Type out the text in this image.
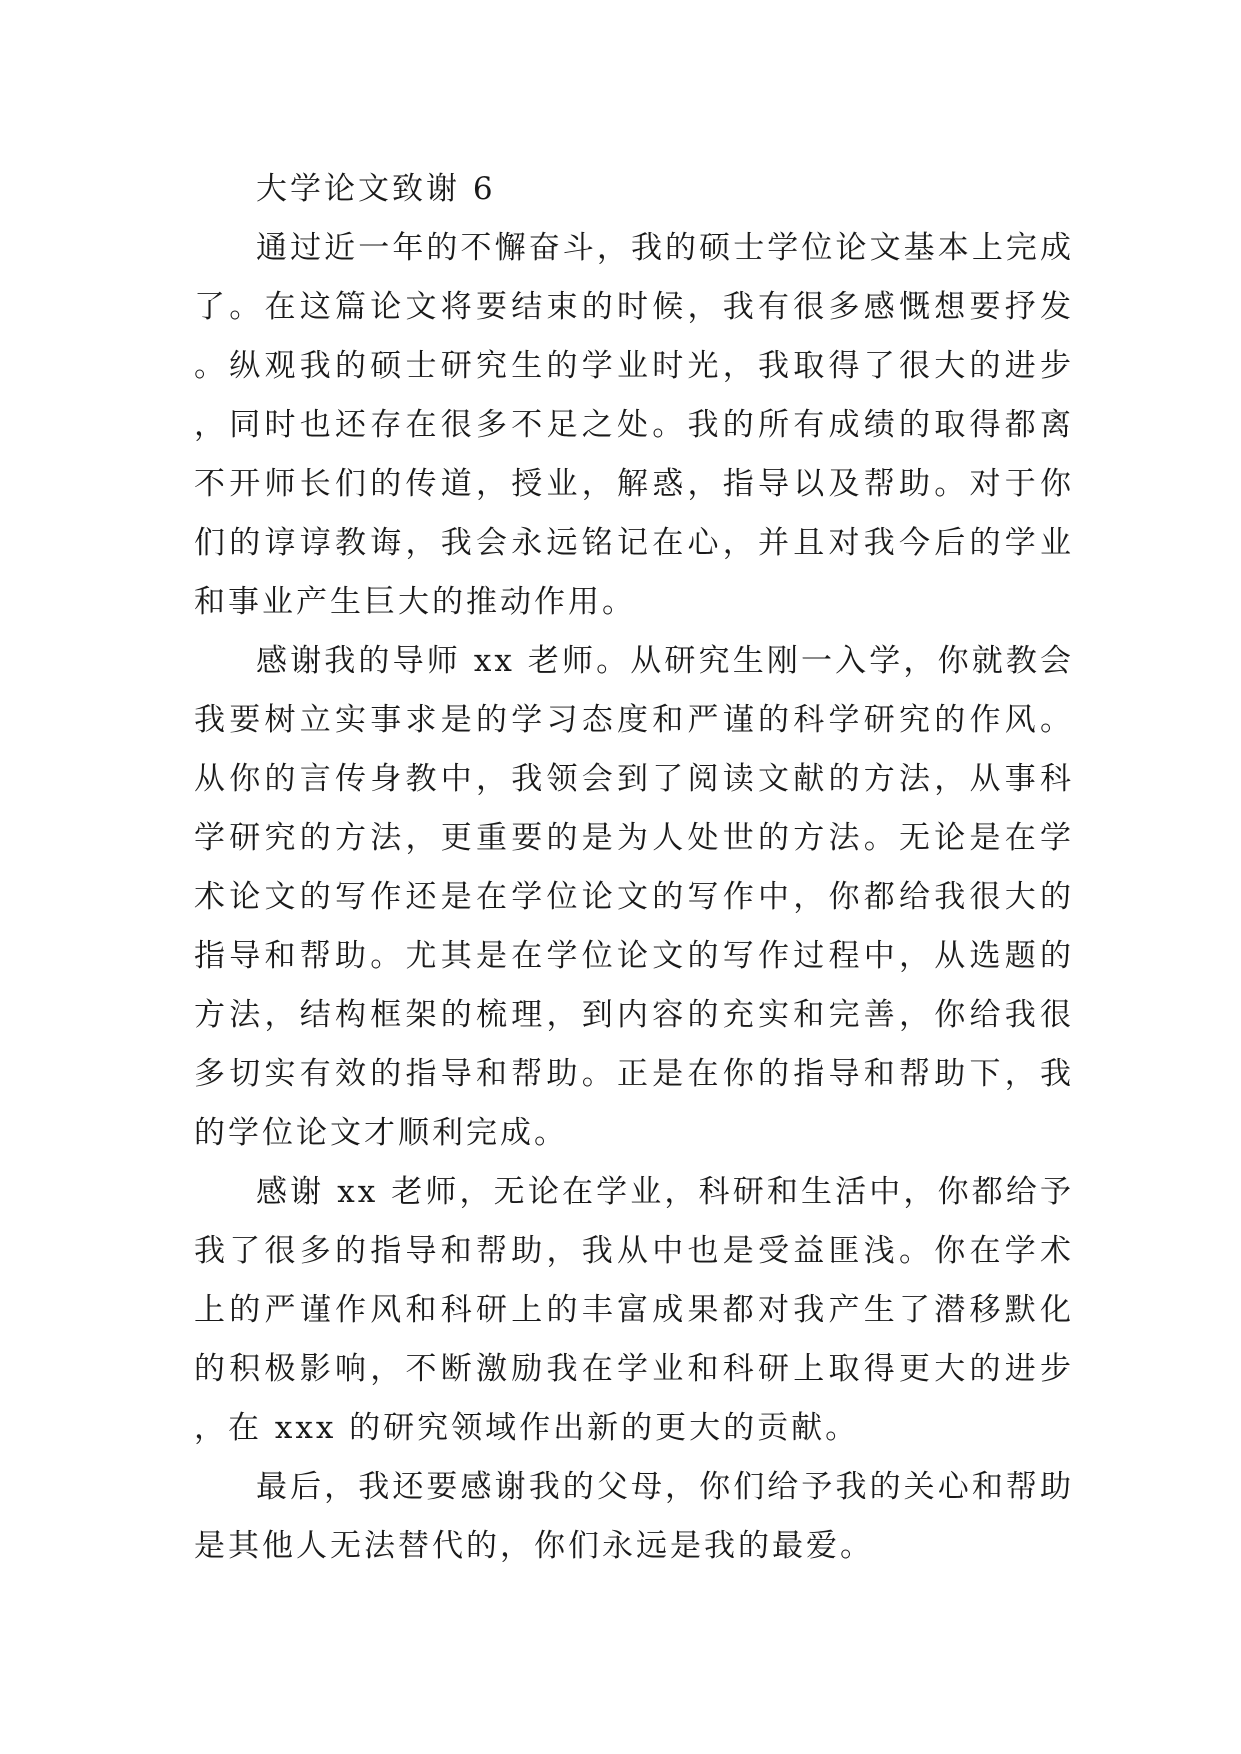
大学论文致谢 6

通过近一年的不懈奋斗，我的硕士学位论文基本上完成了。在这篇论文将要结束的时候，我有很多感慨想要抒发。纵观我的硕士研究生的学业时光，我取得了很大的进步，同时也还存在很多不足之处。我的所有成绩的取得都离不开师长们的传道，授业，解惑，指导以及帮助。对于你们的谆谆教诲，我会永远铭记在心，并且对我今后的学业和事业产生巨大的推动作用。

感谢我的导师 xx 老师。从研究生刚一入学，你就教会我要树立实事求是的学习态度和严谨的科学研究的作风。从你的言传身教中，我领会到了阅读文献的方法，从事科学研究的方法，更重要的是为人处世的方法。无论是在学术论文的写作还是在学位论文的写作中，你都给我很大的指导和帮助。尤其是在学位论文的写作过程中，从选题的方法，结构框架的梳理，到内容的充实和完善，你给我很多切实有效的指导和帮助。正是在你的指导和帮助下，我的学位论文才顺利完成。

感谢 xx 老师，无论在学业，科研和生活中，你都给予我了很多的指导和帮助，我从中也是受益匪浅。你在学术上的严谨作风和科研上的丰富成果都对我产生了潜移默化的积极影响，不断激励我在学业和科研上取得更大的进步，在 xxx 的研究领域作出新的更大的贡献。

最后，我还要感谢我的父母，你们给予我的关心和帮助是其他人无法替代的，你们永远是我的最爱。
